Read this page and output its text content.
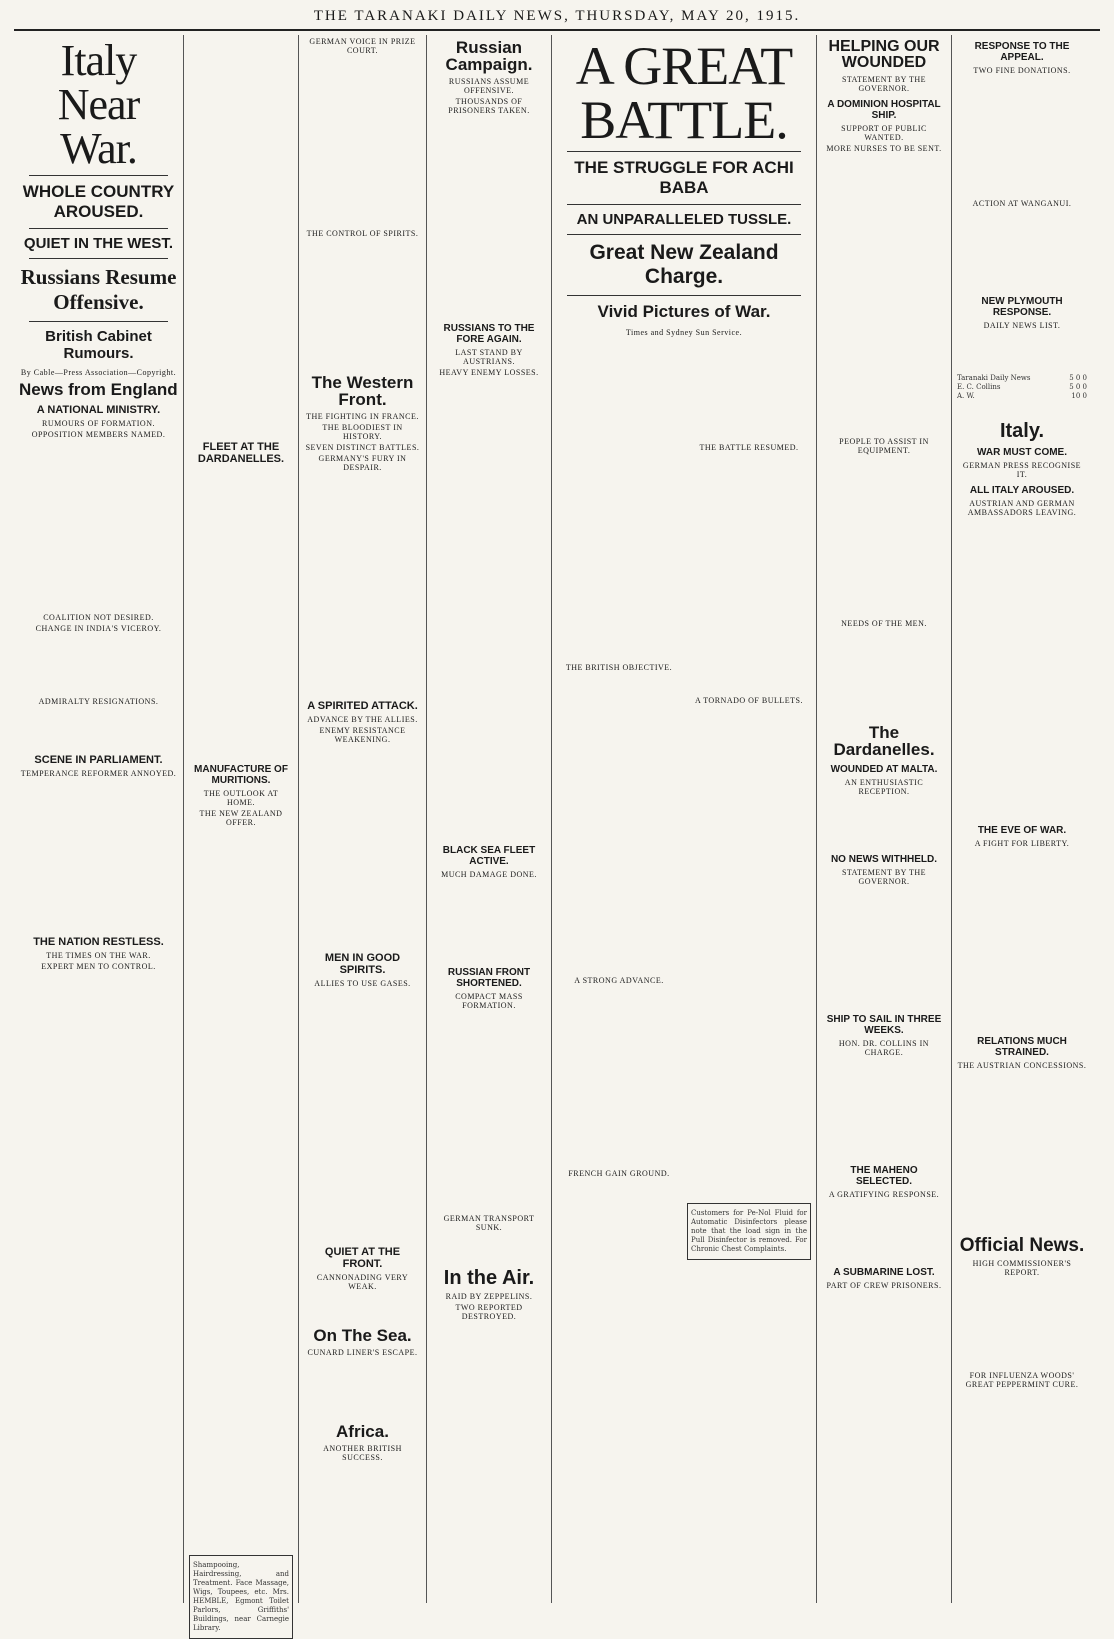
THE TARANAKI DAILY NEWS, THURSDAY, MAY 20, 1915.
Italy Near War.
WHOLE COUNTRY AROUSED.
QUIET IN THE WEST.
Russians Resume Offensive.
British Cabinet Rumours.
By Cable—Press Association—Copyright.
News from England
A NATIONAL MINISTRY.
RUMOURS OF FORMATION.
OPPOSITION MEMBERS NAMED.
COALITION NOT DESIRED.
CHANGE IN INDIA'S VICEROY.
ADMIRALTY RESIGNATIONS.
SCENE IN PARLIAMENT.
TEMPERANCE REFORMER ANNOYED.
THE NATION RESTLESS.
THE TIMES ON THE WAR.
EXPERT MEN TO CONTROL.
FLEET AT THE DARDANELLES.
MANUFACTURE OF MURITIONS.
THE OUTLOOK AT HOME.
THE NEW ZEALAND OFFER.
Shampooing, Hairdressing, and Treatment. Face Massage, Wigs, Toupees, etc. Mrs. HEMBLE, Egmont Toilet Parlors, Griffiths' Buildings, near Carnegie Library.
GERMAN VOICE IN PRIZE COURT.
THE CONTROL OF SPIRITS.
The Western Front.
THE FIGHTING IN FRANCE.
THE BLOODIEST IN HISTORY.
SEVEN DISTINCT BATTLES.
GERMANY'S FURY IN DESPAIR.
A SPIRITED ATTACK.
ADVANCE BY THE ALLIES.
ENEMY RESISTANCE WEAKENING.
MEN IN GOOD SPIRITS.
ALLIES TO USE GASES.
QUIET AT THE FRONT.
CANNONADING VERY WEAK.
On The Sea.
CUNARD LINER'S ESCAPE.
Africa.
ANOTHER BRITISH SUCCESS.
Russian Campaign.
RUSSIANS ASSUME OFFENSIVE.
THOUSANDS OF PRISONERS TAKEN.
RUSSIANS TO THE FORE AGAIN.
LAST STAND BY AUSTRIANS.
HEAVY ENEMY LOSSES.
BLACK SEA FLEET ACTIVE.
MUCH DAMAGE DONE.
RUSSIAN FRONT SHORTENED.
COMPACT MASS FORMATION.
GERMAN TRANSPORT SUNK.
In the Air.
RAID BY ZEPPELINS.
TWO REPORTED DESTROYED.
A GREAT BATTLE.
THE STRUGGLE FOR ACHI BABA
AN UNPARALLELED TUSSLE.
Great New Zealand Charge.
Vivid Pictures of War.
Times and Sydney Sun Service.
THE BRITISH OBJECTIVE.
A STRONG ADVANCE.
FRENCH GAIN GROUND.
THE BATTLE RESUMED.
A TORNADO OF BULLETS.
Customers for Pe-Nol Fluid for Automatic Disinfectors please note that the load sign in the Pull Disinfector is removed. For Chronic Chest Complaints.
HELPING OUR WOUNDED
STATEMENT BY THE GOVERNOR.
A DOMINION HOSPITAL SHIP.
SUPPORT OF PUBLIC WANTED.
MORE NURSES TO BE SENT.
PEOPLE TO ASSIST IN EQUIPMENT.
NEEDS OF THE MEN.
The Dardanelles.
WOUNDED AT MALTA.
AN ENTHUSIASTIC RECEPTION.
NO NEWS WITHHELD.
STATEMENT BY THE GOVERNOR.
SHIP TO SAIL IN THREE WEEKS.
HON. DR. COLLINS IN CHARGE.
THE MAHENO SELECTED.
A GRATIFYING RESPONSE.
A SUBMARINE LOST.
PART OF CREW PRISONERS.
RESPONSE TO THE APPEAL.
TWO FINE DONATIONS.
ACTION AT WANGANUI.
NEW PLYMOUTH RESPONSE.
DAILY NEWS LIST.
Taranaki Daily News	5 0 0
E. C. Collins	5 0 0
A. W.	10 0
Italy.
WAR MUST COME.
GERMAN PRESS RECOGNISE IT.
ALL ITALY AROUSED.
AUSTRIAN AND GERMAN AMBASSADORS LEAVING.
THE EVE OF WAR.
A FIGHT FOR LIBERTY.
RELATIONS MUCH STRAINED.
THE AUSTRIAN CONCESSIONS.
Official News.
HIGH COMMISSIONER'S REPORT.
FOR INFLUENZA WOODS' GREAT PEPPERMINT CURE.
